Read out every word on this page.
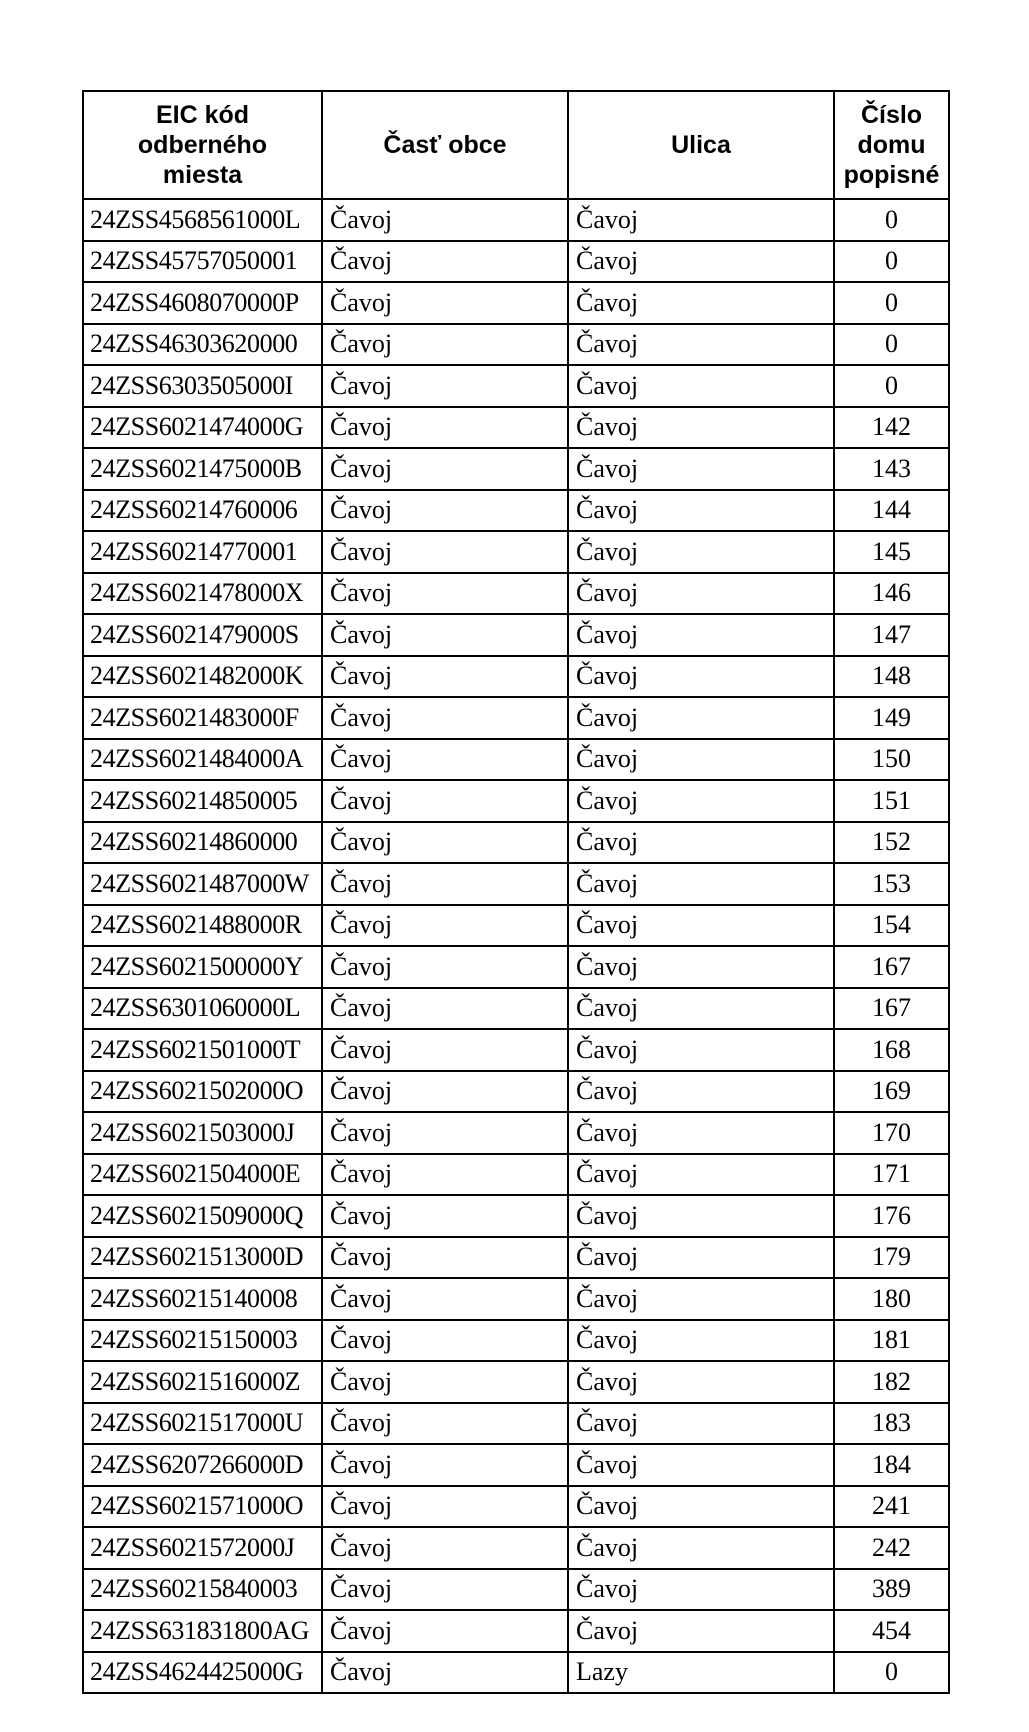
EIC kód
odberného
miesta	Časť obce	Ulica	Číslo
domu
popisné

24ZSS4568561000L	Čavoj	Čavoj	0
24ZSS45757050001	Čavoj	Čavoj	0
24ZSS4608070000P	Čavoj	Čavoj	0
24ZSS46303620000	Čavoj	Čavoj	0
24ZSS6303505000I	Čavoj	Čavoj	0
24ZSS6021474000G	Čavoj	Čavoj	142
24ZSS6021475000B	Čavoj	Čavoj	143
24ZSS60214760006	Čavoj	Čavoj	144
24ZSS60214770001	Čavoj	Čavoj	145
24ZSS6021478000X	Čavoj	Čavoj	146
24ZSS6021479000S	Čavoj	Čavoj	147
24ZSS6021482000K	Čavoj	Čavoj	148
24ZSS6021483000F	Čavoj	Čavoj	149
24ZSS6021484000A	Čavoj	Čavoj	150
24ZSS60214850005	Čavoj	Čavoj	151
24ZSS60214860000	Čavoj	Čavoj	152
24ZSS6021487000W	Čavoj	Čavoj	153
24ZSS6021488000R	Čavoj	Čavoj	154
24ZSS6021500000Y	Čavoj	Čavoj	167
24ZSS6301060000L	Čavoj	Čavoj	167
24ZSS6021501000T	Čavoj	Čavoj	168
24ZSS6021502000O	Čavoj	Čavoj	169
24ZSS6021503000J	Čavoj	Čavoj	170
24ZSS6021504000E	Čavoj	Čavoj	171
24ZSS6021509000Q	Čavoj	Čavoj	176
24ZSS6021513000D	Čavoj	Čavoj	179
24ZSS60215140008	Čavoj	Čavoj	180
24ZSS60215150003	Čavoj	Čavoj	181
24ZSS6021516000Z	Čavoj	Čavoj	182
24ZSS6021517000U	Čavoj	Čavoj	183
24ZSS6207266000D	Čavoj	Čavoj	184
24ZSS6021571000O	Čavoj	Čavoj	241
24ZSS6021572000J	Čavoj	Čavoj	242
24ZSS60215840003	Čavoj	Čavoj	389
24ZSS631831800AG	Čavoj	Čavoj	454
24ZSS4624425000G	Čavoj	Lazy	0
